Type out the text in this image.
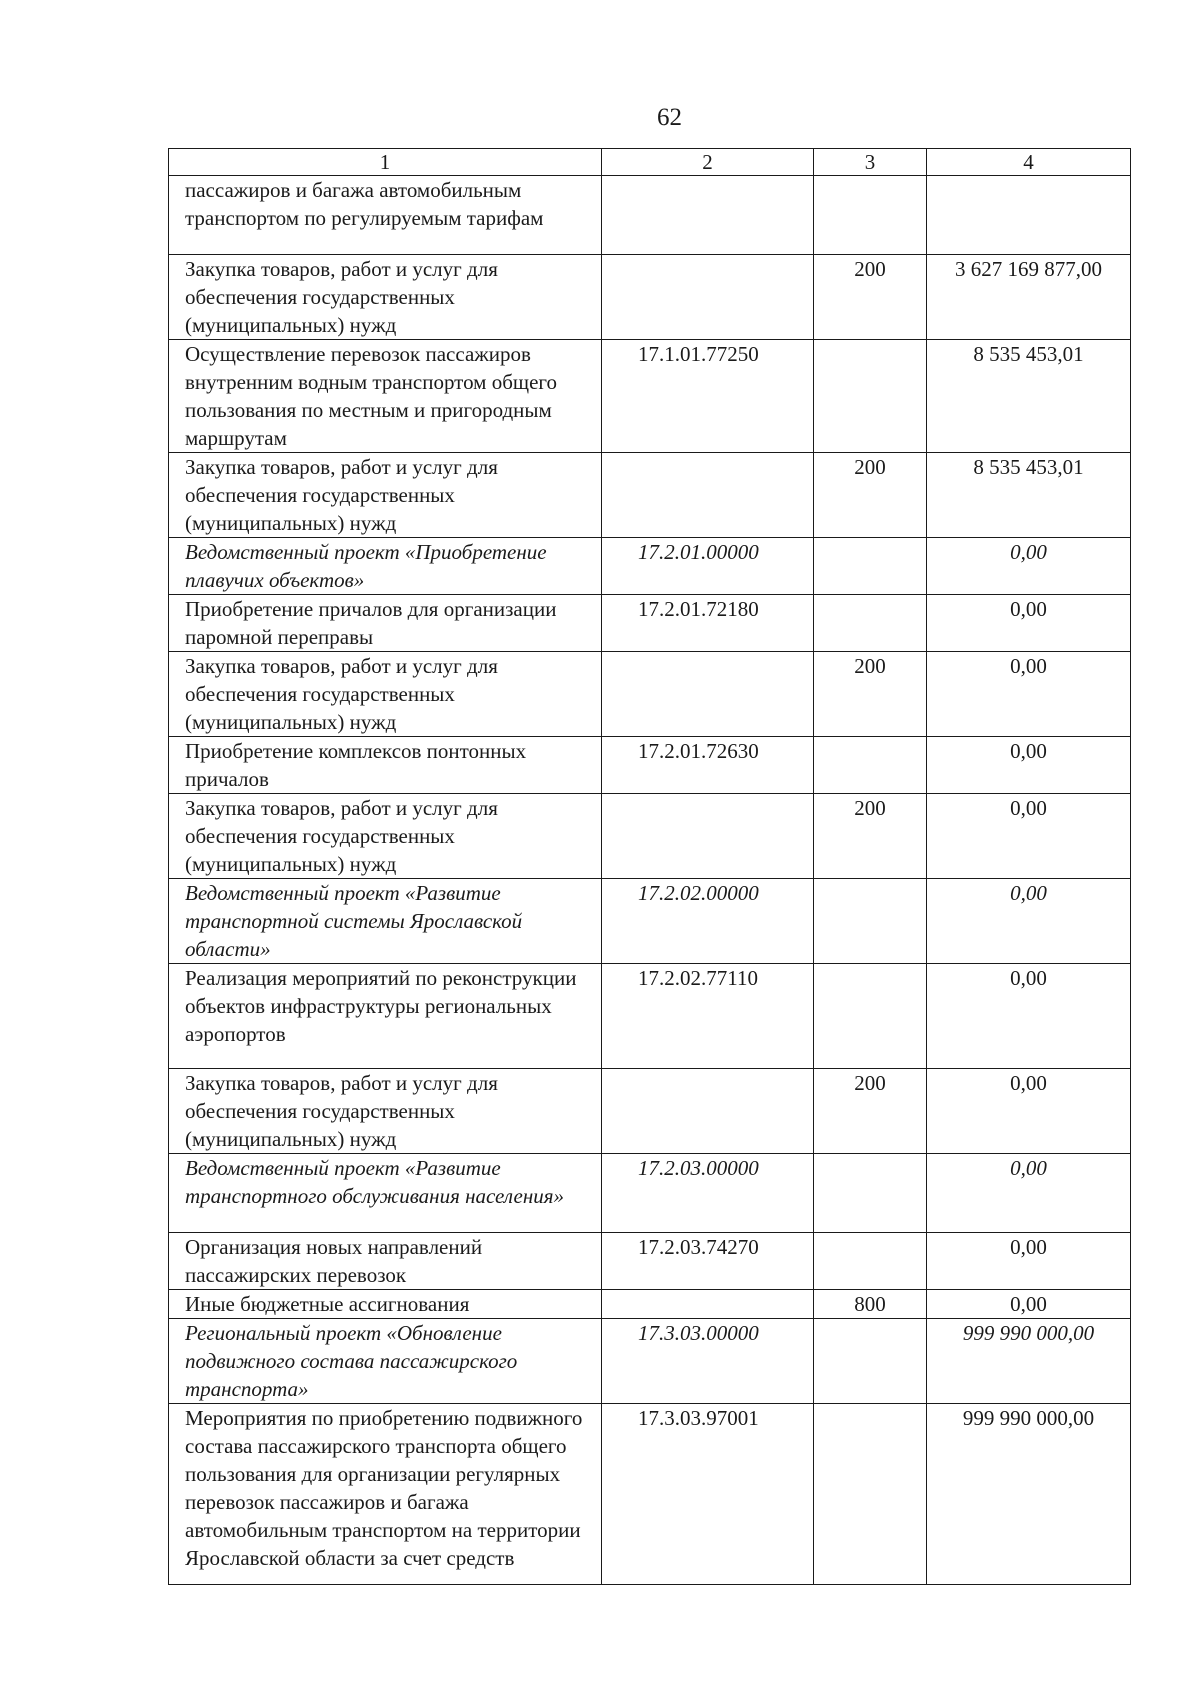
62
1	2	3	4
пассажиров и багажа автомобильным транспортом по регулируемым тарифам			
Закупка товаров, работ и услуг для обеспечения государственных (муниципальных) нужд		200	3 627 169 877,00
Осуществление перевозок пассажиров внутренним водным транспортом общего пользования по местным и пригородным маршрутам	17.1.01.77250		8 535 453,01
Закупка товаров, работ и услуг для обеспечения государственных (муниципальных) нужд		200	8 535 453,01
Ведомственный проект «Приобретение плавучих объектов»	17.2.01.00000		0,00
Приобретение причалов для организации паромной переправы	17.2.01.72180		0,00
Закупка товаров, работ и услуг для обеспечения государственных (муниципальных) нужд		200	0,00
Приобретение комплексов понтонных причалов	17.2.01.72630		0,00
Закупка товаров, работ и услуг для обеспечения государственных (муниципальных) нужд		200	0,00
Ведомственный проект «Развитие транспортной системы Ярославской области»	17.2.02.00000		0,00
Реализация мероприятий по реконструкции объектов инфраструктуры региональных аэропортов	17.2.02.77110		0,00
Закупка товаров, работ и услуг для обеспечения государственных (муниципальных) нужд		200	0,00
Ведомственный проект «Развитие транспортного обслуживания населения»	17.2.03.00000		0,00
Организация новых направлений пассажирских перевозок	17.2.03.74270		0,00
Иные бюджетные ассигнования		800	0,00
Региональный проект «Обновление подвижного состава пассажирского транспорта»	17.3.03.00000		999 990 000,00
Мероприятия по приобретению подвижного состава пассажирского транспорта общего пользования для организации регулярных перевозок пассажиров и багажа автомобильным транспортом на территории Ярославской области за счет средств	17.3.03.97001		999 990 000,00
